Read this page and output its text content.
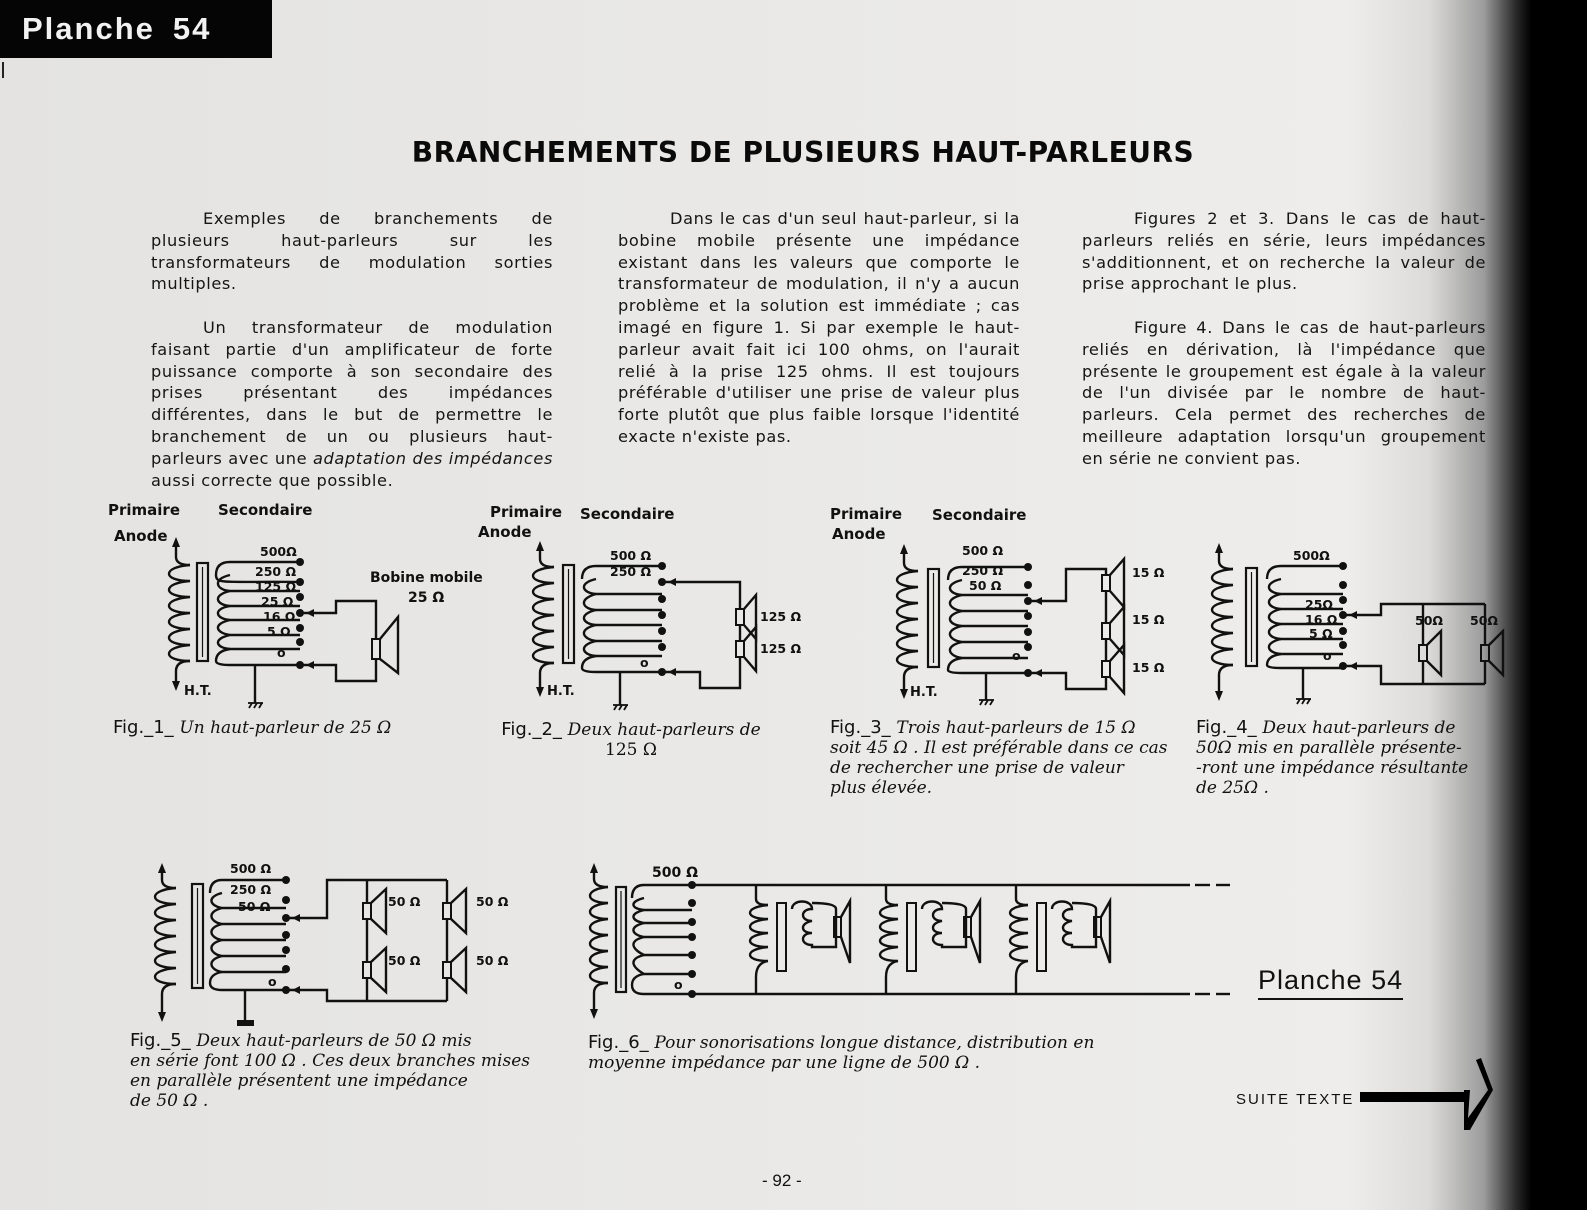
Planche 54
BRANCHEMENTS DE PLUSIEURS HAUT-PARLEURS

Exemples de branchements de plusieurs haut-parleurs sur les transformateurs de modulation sorties multiples.

Un transformateur de modulation faisant partie d'un amplificateur de forte puissance comporte à son secondaire des prises présentant des impédances différentes, dans le but de permettre le branchement de un ou plusieurs haut-parleurs avec une adaptation des impédances aussi correcte que possible.

Dans le cas d'un seul haut-parleur, si la bobine mobile présente une impédance existant dans les valeurs que comporte le transformateur de modulation, il n'y a aucun problème et la solution est immédiate ; cas imagé en figure 1. Si par exemple le haut-parleur avait fait ici 100 ohms, on l'aurait relié à la prise 125 ohms. Il est toujours préférable d'utiliser une prise de valeur plus forte plutôt que plus faible lorsque l'identité exacte n'existe pas.

Figures 2 et 3. Dans le cas de haut-parleurs reliés en série, leurs impédances s'additionnent, et on recherche la valeur de prise approchant le plus.

Figure 4. Dans le cas de haut-parleurs reliés en dérivation, là l'impédance que présente le groupement est égale à la valeur de l'un divisée par le nombre de haut-parleurs. Cela permet des recherches de meilleure adaptation lorsqu'un groupement en série ne convient pas.

Primaire	Secondaire
Anode
H.T.
500Ω
250 Ω
125 Ω
25 Ω
16 Ω
5 Ω
o
Bobine mobile
25 Ω
Fig._1_ Un haut-parleur de 25 Ω
Primaire Secondaire
Anode
H.T.
500 Ω
250 Ω
o
125 Ω
125 Ω
Fig._2_ Deux haut-parleurs de
125 Ω
Primaire Secondaire
Anode
H.T.
500 Ω
250 Ω
50 Ω
o
15 Ω
15 Ω
15 Ω
Fig._3_ Trois haut-parleurs de 15 Ω
soit 45 Ω . Il est préférable dans ce cas
de rechercher une prise de valeur
plus élevée.
500Ω
25Ω
16 Ω
5 Ω
o
50Ω 50Ω
Fig._4_ Deux haut-parleurs de
50Ω mis en parallèle présente-
-ront une impédance résultante
de 25Ω .
500 Ω
250 Ω
50 Ω
o
50 Ω	50 Ω
50 Ω	50 Ω
Fig._5_ Deux haut-parleurs de 50 Ω mis
en série font 100 Ω . Ces deux branches mises
en parallèle présentent une impédance
de 50 Ω .
500 Ω
o
Fig._6_ Pour sonorisations longue distance, distribution en
moyenne impédance par une ligne de 500 Ω .
Planche 54
SUITE TEXTE
- 92 -
